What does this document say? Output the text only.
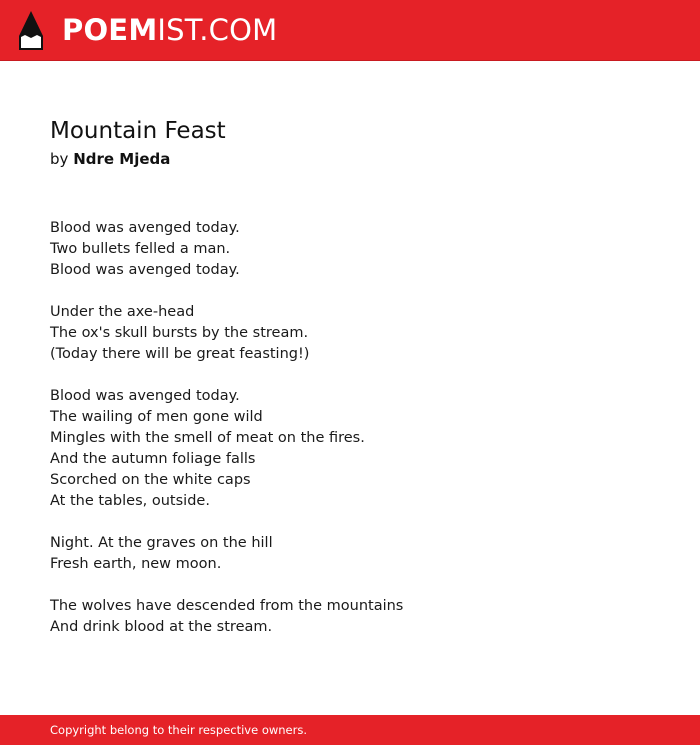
POEMIST.COM
Mountain Feast

by Ndre Mjeda

Blood was avenged today.
Two bullets felled a man.
Blood was avenged today.
Under the axe-head
The ox's skull bursts by the stream.
(Today there will be great feasting!)
Blood was avenged today.
The wailing of men gone wild
Mingles with the smell of meat on the fires.
And the autumn foliage falls
Scorched on the white caps
At the tables, outside.
Night. At the graves on the hill
Fresh earth, new moon.
The wolves have descended from the mountains
And drink blood at the stream.
Copyright belong to their respective owners.
